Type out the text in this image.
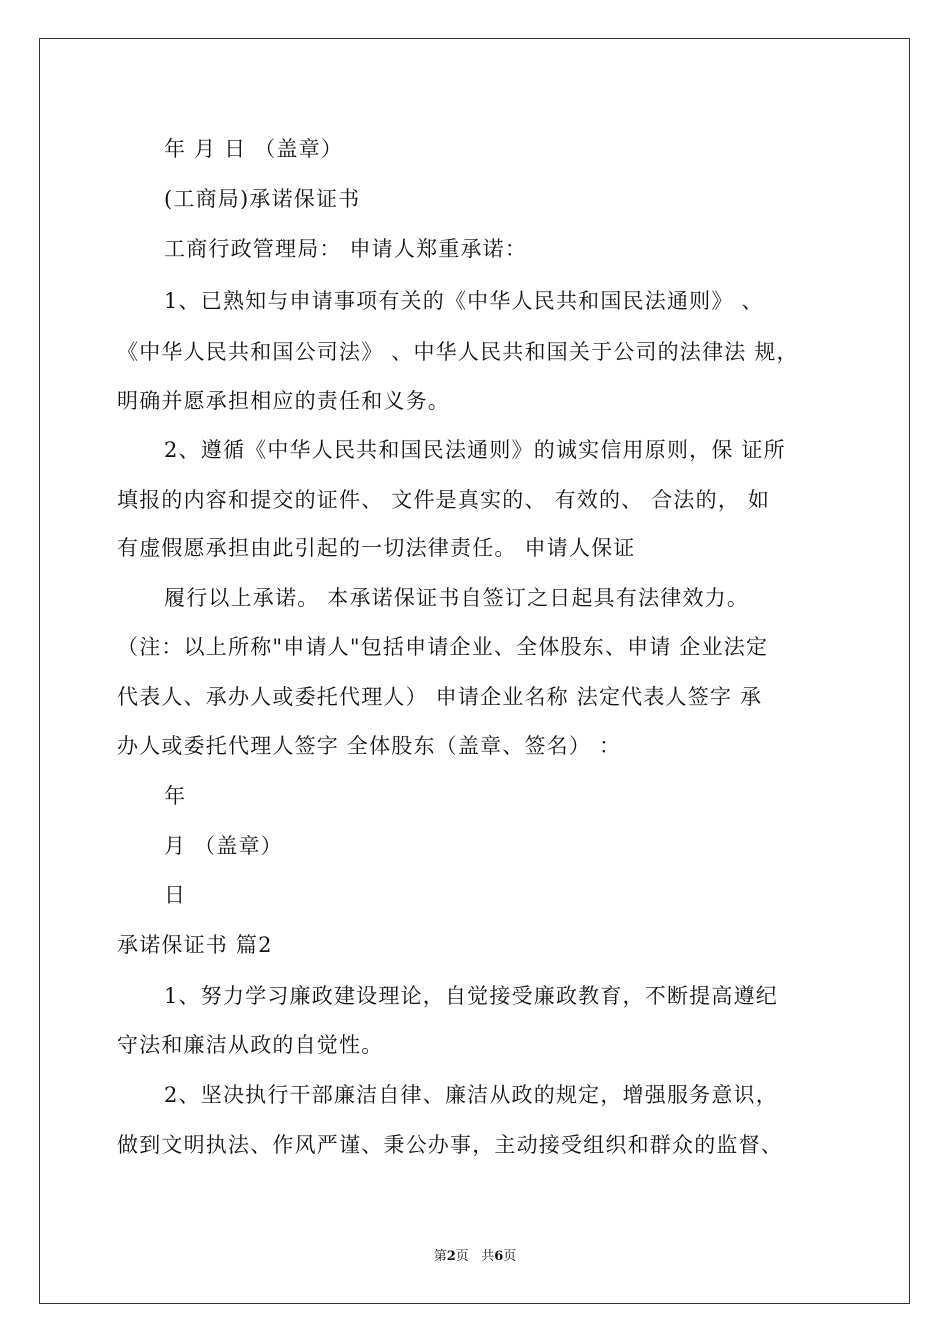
年 月 日 （盖章）
(工商局)承诺保证书
工商行政管理局： 申请人郑重承诺：
1、已熟知与申请事项有关的《中华人民共和国民法通则》 、
《中华人民共和国公司法》 、中华人民共和国关于公司的法律法 规，
明确并愿承担相应的责任和义务。
2、遵循《中华人民共和国民法通则》的诚实信用原则，保 证所
填报的内容和提交的证件、 文件是真实的、 有效的、 合法的， 如
有虚假愿承担由此引起的一切法律责任。 申请人保证
履行以上承诺。 本承诺保证书自签订之日起具有法律效力。
（注：以上所称"申请人"包括申请企业、全体股东、申请 企业法定
代表人、承办人或委托代理人） 申请企业名称 法定代表人签字 承
办人或委托代理人签字 全体股东（盖章、签名） ：
年
月 （盖章）
日
承诺保证书 篇2
1、努力学习廉政建设理论，自觉接受廉政教育，不断提高遵纪
守法和廉洁从政的自觉性。
2、坚决执行干部廉洁自律、廉洁从政的规定，增强服务意识，
做到文明执法、作风严谨、秉公办事，主动接受组织和群众的监督、
第2页 共6页
